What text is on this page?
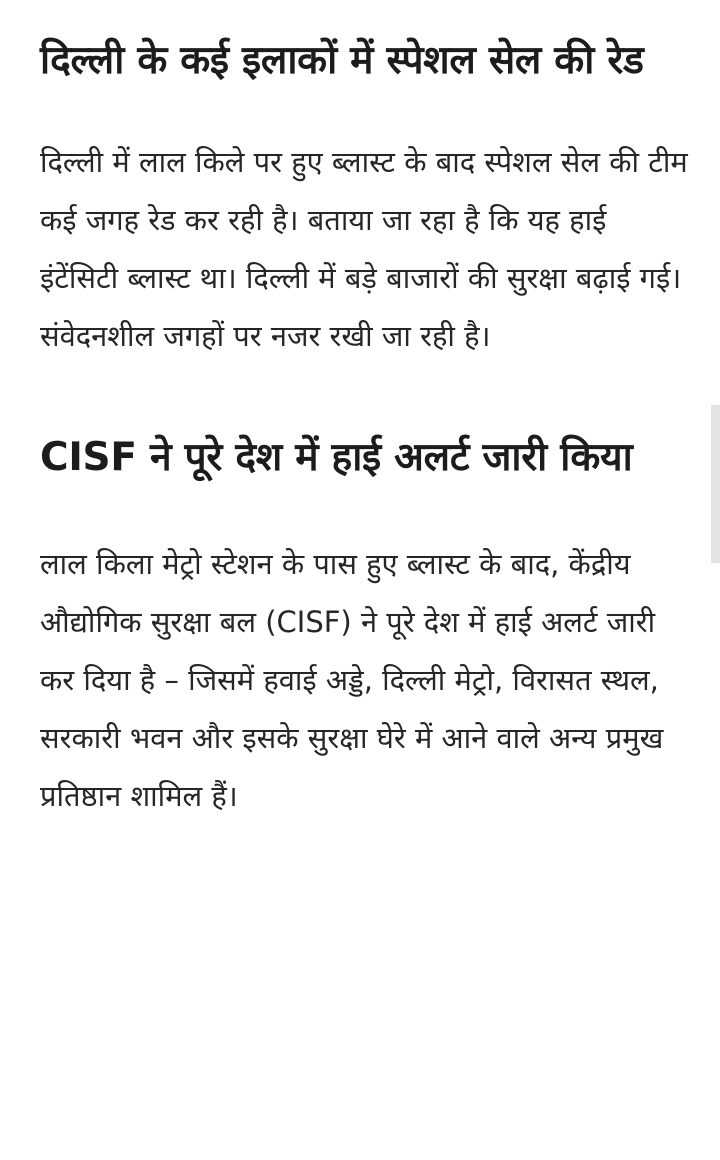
दिल्ली के कई इलाकों में स्पेशल सेल की रेड

दिल्ली में लाल किले पर हुए ब्लास्ट के बाद स्पेशल सेल की टीम कई जगह रेड कर रही है। बताया जा रहा है कि यह हाई इंटेंसिटी ब्लास्ट था। दिल्ली में बड़े बाजारों की सुरक्षा बढ़ाई गई। संवेदनशील जगहों पर नजर रखी जा रही है।

CISF ने पूरे देश में हाई अलर्ट जारी किया

लाल किला मेट्रो स्टेशन के पास हुए ब्लास्ट के बाद, केंद्रीय औद्योगिक सुरक्षा बल (CISF) ने पूरे देश में हाई अलर्ट जारी कर दिया है – जिसमें हवाई अड्डे, दिल्ली मेट्रो, विरासत स्थल, सरकारी भवन और इसके सुरक्षा घेरे में आने वाले अन्य प्रमुख प्रतिष्ठान शामिल हैं।
